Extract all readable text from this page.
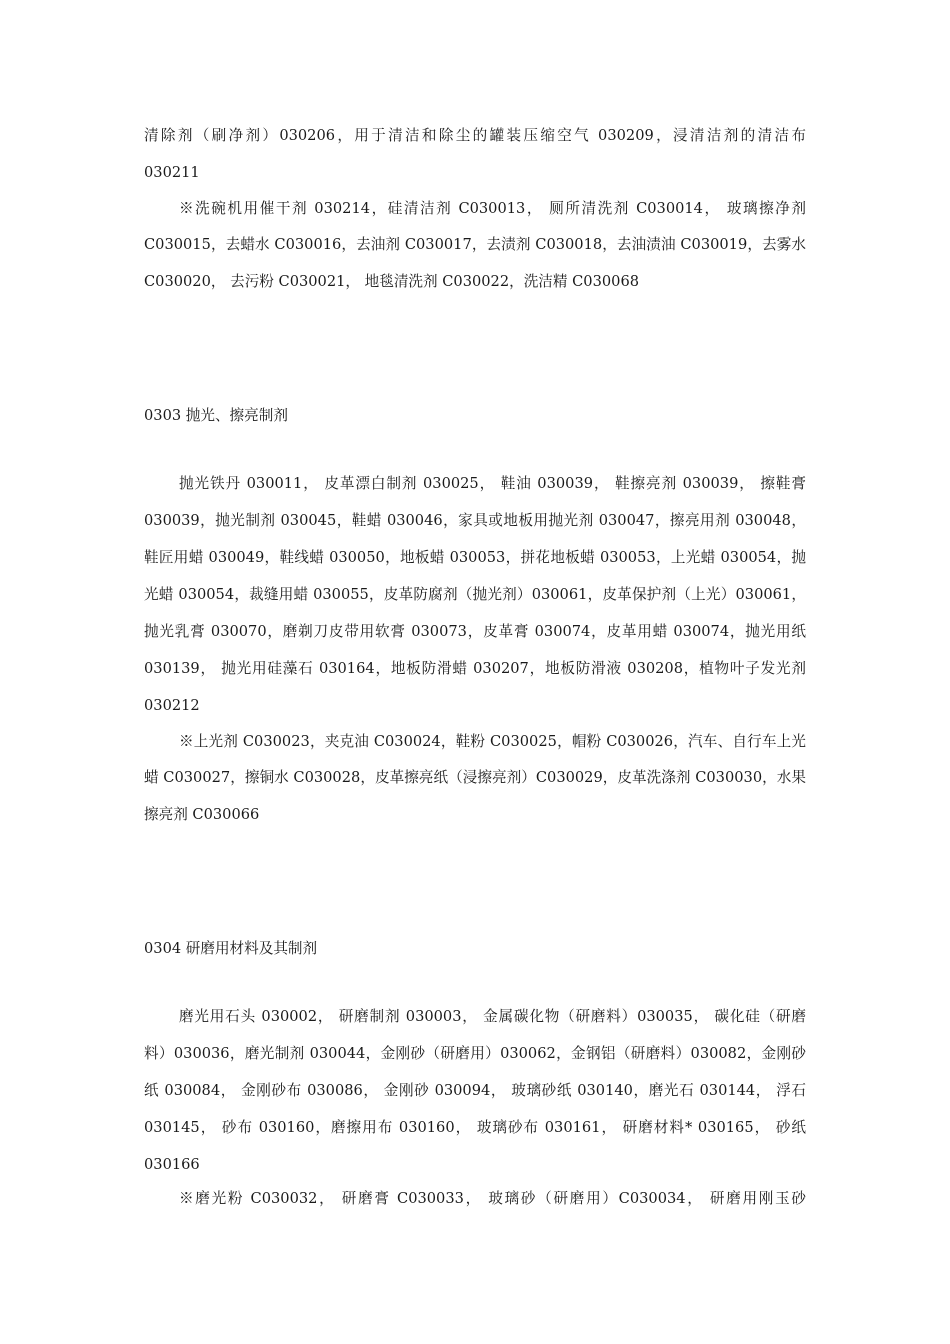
清除剂（刷净剂）030206，用于清洁和除尘的罐装压缩空气 030209，浸清洁剂的清洁布
030211
※洗碗机用催干剂 030214，硅清洁剂 C030013， 厕所清洗剂 C030014， 玻璃擦净剂
C030015，去蜡水 C030016，去油剂 C030017，去渍剂 C030018，去油渍油 C030019，去雾水
C030020， 去污粉 C030021， 地毯清洗剂 C030022，洗洁精 C030068
0303 抛光、擦亮制剂
抛光铁丹 030011， 皮革漂白制剂 030025， 鞋油 030039， 鞋擦亮剂 030039， 擦鞋膏
030039，抛光制剂 030045，鞋蜡 030046，家具或地板用抛光剂 030047，擦亮用剂 030048，
鞋匠用蜡 030049，鞋线蜡 030050，地板蜡 030053，拼花地板蜡 030053，上光蜡 030054，抛
光蜡 030054，裁缝用蜡 030055，皮革防腐剂（抛光剂）030061，皮革保护剂（上光）030061，
抛光乳膏 030070，磨剃刀皮带用软膏 030073，皮革膏 030074，皮革用蜡 030074，抛光用纸
030139， 抛光用硅藻石 030164，地板防滑蜡 030207，地板防滑液 030208，植物叶子发光剂
030212
※上光剂 C030023，夹克油 C030024，鞋粉 C030025，帽粉 C030026，汽车、自行车上光
蜡 C030027，擦铜水 C030028，皮革擦亮纸（浸擦亮剂）C030029，皮革洗涤剂 C030030，水果
擦亮剂 C030066
0304 研磨用材料及其制剂
磨光用石头 030002， 研磨制剂 030003， 金属碳化物（研磨料）030035， 碳化硅（研磨
料）030036，磨光制剂 030044，金刚砂（研磨用）030062，金钢铝（研磨料）030082，金刚砂
纸 030084， 金刚砂布 030086， 金刚砂 030094， 玻璃砂纸 030140，磨光石 030144， 浮石
030145， 砂布 030160，磨擦用布 030160， 玻璃砂布 030161， 研磨材料* 030165， 砂纸
030166
※磨光粉 C030032， 研磨膏 C030033， 玻璃砂（研磨用）C030034， 研磨用刚玉砂
